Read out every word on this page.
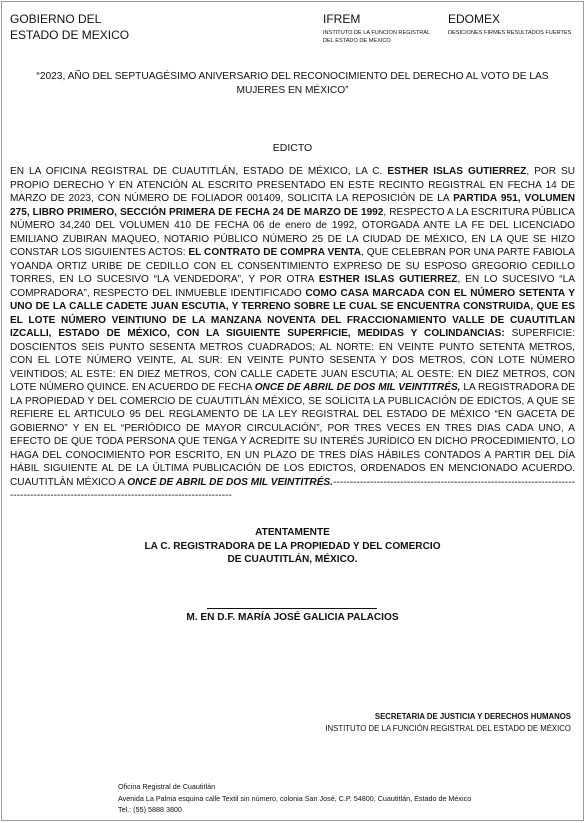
GOBIERNO DEL
ESTADO DE MEXICO
IFREM
INSTITUTO DE LA FUNCION REGISTRAL
DEL ESTADO DE MEXICO
EDOMEX
DESICIONES FIRMES RESULTADOS FUERTES
“2023, AÑO DEL SEPTUAGÉSIMO ANIVERSARIO DEL RECONOCIMIENTO DEL DERECHO AL VOTO DE LAS MUJERES EN MÉXICO”
EDICTO
EN LA OFICINA REGISTRAL DE CUAUTITLÁN, ESTADO DE MÉXICO, LA C. ESTHER ISLAS GUTIERREZ, POR SU PROPIO DERECHO Y EN ATENCIÓN AL ESCRITO PRESENTADO EN ESTE RECINTO REGISTRAL EN FECHA 14 DE MARZO DE 2023, CON NÚMERO DE FOLIADOR 001409, SOLICITA LA REPOSICIÓN DE LA PARTIDA 951, VOLUMEN 275, LIBRO PRIMERO, SECCIÓN PRIMERA DE FECHA 24 DE MARZO DE 1992, RESPECTO A LA ESCRITURA PÚBLICA NÚMERO 34,240 DEL VOLUMEN 410 DE FECHA 06 de enero de 1992, OTORGADA ANTE LA FE DEL LICENCIADO EMILIANO ZUBIRAN MAQUEO, NOTARIO PÚBLICO NÚMERO 25 DE LA CIUDAD DE MÉXICO, EN LA QUE SE HIZO CONSTAR LOS SIGUIENTES ACTOS: EL CONTRATO DE COMPRA VENTA, QUE CELEBRAN POR UNA PARTE FABIOLA YOANDA ORTIZ URIBE DE CEDILLO CON EL CONSENTIMIENTO EXPRESO DE SU ESPOSO GREGORIO CEDILLO TORRES, EN LO SUCESIVO “LA VENDEDORA”, Y POR OTRA ESTHER ISLAS GUTIERREZ, EN LO SUCESIVO “LA COMPRADORA”, RESPECTO DEL INMUEBLE IDENTIFICADO COMO CASA MARCADA CON EL NÚMERO SETENTA Y UNO DE LA CALLE CADETE JUAN ESCUTIA, Y TERRENO SOBRE LE CUAL SE ENCUENTRA CONSTRUIDA, QUE ES EL LOTE NÚMERO VEINTIUNO DE LA MANZANA NOVENTA DEL FRACCIONAMIENTO VALLE DE CUAUTITLAN IZCALLI, ESTADO DE MÉXICO, CON LA SIGUIENTE SUPERFICIE, MEDIDAS Y COLINDANCIAS: SUPERFICIE: DOSCIENTOS SEIS PUNTO SESENTA METROS CUADRADOS; AL NORTE: EN VEINTE PUNTO SETENTA METROS, CON EL LOTE NÚMERO VEINTE, AL SUR: EN VEINTE PUNTO SESENTA Y DOS METROS, CON LOTE NÚMERO VEINTIDOS; AL ESTE: EN DIEZ METROS, CON CALLE CADETE JUAN ESCUTIA; AL OESTE: EN DIEZ METROS, CON LOTE NÚMERO QUINCE. EN ACUERDO DE FECHA ONCE DE ABRIL DE DOS MIL VEINTITRÉS, LA REGISTRADORA DE LA PROPIEDAD Y DEL COMERCIO DE CUAUTITLÁN MÉXICO, SE SOLICITA LA PUBLICACIÓN DE EDICTOS, A QUE SE REFIERE EL ARTICULO 95 DEL REGLAMENTO DE LA LEY REGISTRAL DEL ESTADO DE MÉXICO “EN GACETA DE GOBIERNO” Y EN EL “PERIÓDICO DE MAYOR CIRCULACIÓN”, POR TRES VECES EN TRES DIAS CADA UNO, A EFECTO DE QUE TODA PERSONA QUE TENGA Y ACREDITE SU INTERÉS JURÍDICO EN DICHO PROCEDIMIENTO, LO HAGA DEL CONOCIMIENTO POR ESCRITO, EN UN PLAZO DE TRES DÍAS HÁBILES CONTADOS A PARTIR DEL DÍA HÁBIL SIGUIENTE AL DE LA ÚLTIMA PUBLICACIÓN DE LOS EDICTOS, ORDENADOS EN MENCIONADO ACUERDO. CUAUTITLÁN MÉXICO A ONCE DE ABRIL DE DOS MIL VEINTITRÉS.------------------------------------------------------------------------------------------------------------------------------------------
ATENTAMENTE
LA C. REGISTRADORA DE LA PROPIEDAD Y DEL COMERCIO
DE CUAUTITLÁN, MÉXICO.
M. EN D.F. MARÍA JOSÉ GALICIA PALACIOS
SECRETARIA DE JUSTICIA Y DERECHOS HUMANOS
INSTITUTO DE LA FUNCIÓN REGISTRAL DEL ESTADO DE MÉXICO
Oficina Registral de Cuautitlán
Avenida La Palma esquina calle Textil sin número, colonia San José, C.P. 54800, Cuautitlán, Estado de México
Tel.: (55) 5888 3800
